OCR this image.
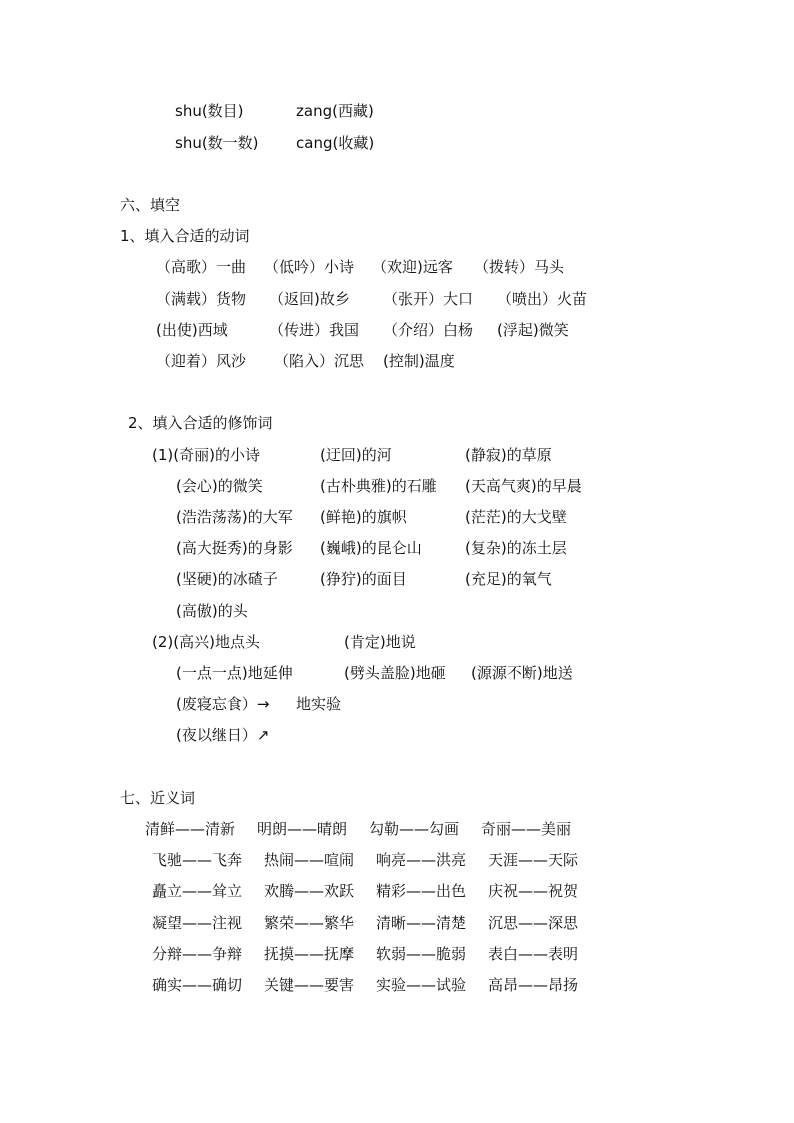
shu(数目)	zang(西藏)
shu(数一数) cang(收藏)
六、填空
1、填入合适的动词
（高歌）一曲 （低吟）小诗 （欢迎)远客 （拨转）马头
（满载）货物 （返回)故乡 （张开）大口 （喷出）火苗
(出使)西域	（传进）我国 （介绍）白杨 (浮起)微笑
（迎着）风沙 （陷入）沉思 (控制)温度
2、填入合适的修饰词
(1)(奇丽)的小诗	(迂回)的河	(静寂)的草原
(会心)的微笑	(古朴典雅)的石雕 (天高气爽)的早晨
(浩浩荡荡)的大军 (鲜艳)的旗帜	(茫茫)的大戈壁
(高大挺秀)的身影 (巍峨)的昆仑山	(复杂)的冻土层
(坚硬)的冰碴子	(狰狞)的面目	(充足)的氧气
(高傲)的头
(2)(高兴)地点头	(肯定)地说
(一点一点)地延伸	(劈头盖脸)地砸 (源源不断)地送
(废寝忘食）→ 地实验
(夜以继日）↗
七、近义词
清鲜——清新 明朗——晴朗 勾勒——勾画 奇丽——美丽
飞驰——飞奔 热闹——喧闹 响亮——洪亮 天涯——天际
矗立——耸立 欢腾——欢跃 精彩——出色 庆祝——祝贺
凝望——注视 繁荣——繁华 清晰——清楚 沉思——深思
分辩——争辩 抚摸——抚摩 软弱——脆弱 表白——表明
确实——确切 关键——要害 实验——试验 高昂——昂扬
